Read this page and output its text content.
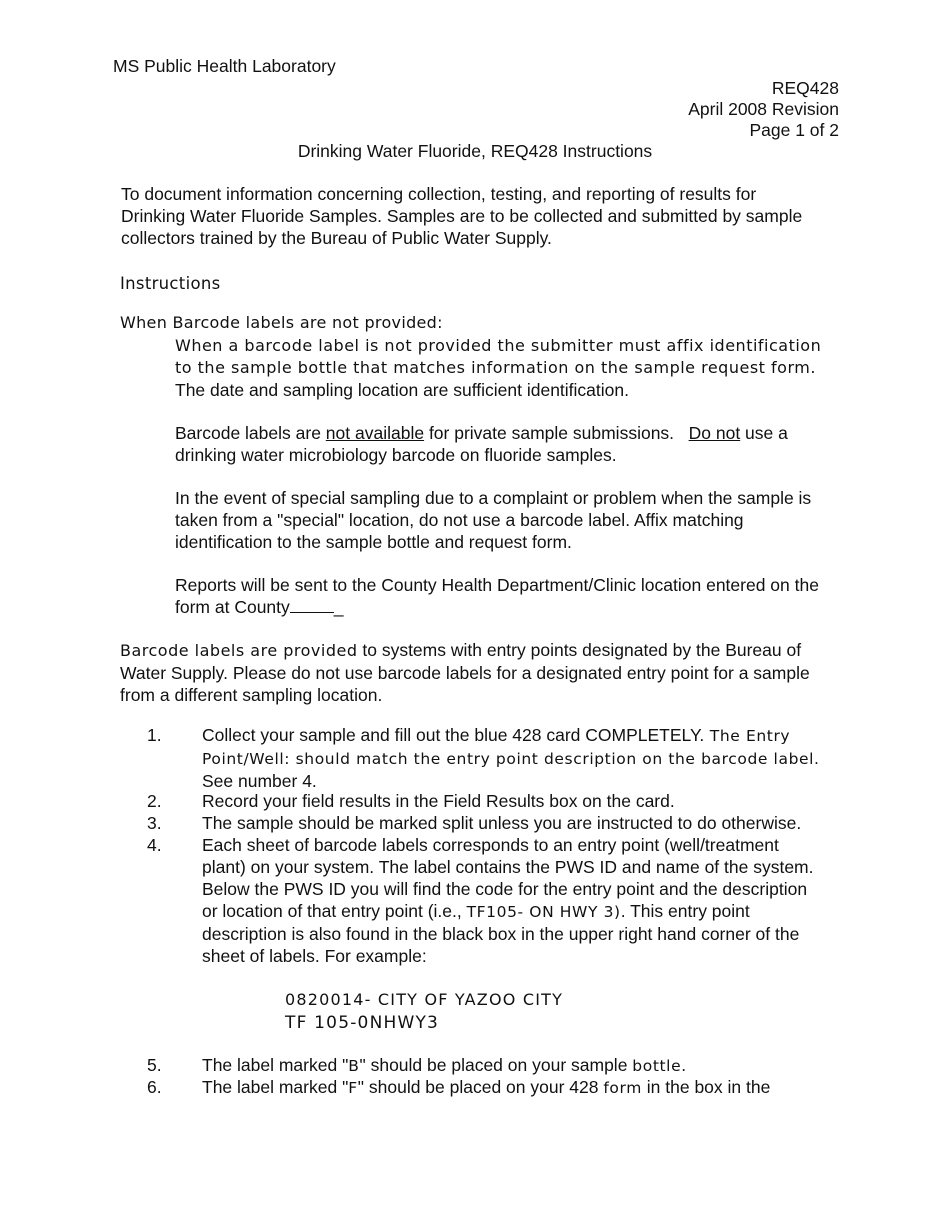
MS Public Health Laboratory
REQ428
April 2008 Revision
Page 1 of 2
Drinking Water Fluoride, REQ428 Instructions
To document information concerning collection, testing, and reporting of results for Drinking Water Fluoride Samples. Samples are to be collected and submitted by sample collectors trained by the Bureau of Public Water Supply.
Instructions
When Barcode labels are not provided:
When a barcode label is not provided the submitter must affix identification
to the sample bottle that matches information on the sample request form.
The date and sampling location are sufficient identification.
Barcode labels are not available for private sample submissions.   Do not use a
drinking water microbiology barcode on fluoride samples.
In the event of special sampling due to a complaint or problem when the sample is taken from a "special" location, do not use a barcode label. Affix matching identification to the sample bottle and request form.
Reports will be sent to the County Health Department/Clinic location entered on the
form at County	_
Barcode labels are provided to systems with entry points designated by the Bureau of Water Supply. Please do not use barcode labels for a designated entry point for a sample from a different sampling location.
1.	Collect your sample and fill out the blue 428 card COMPLETELY. The Entry
Point/Well: should match the entry point description on the barcode label.
See number 4.
2.	Record your field results in the Field Results box on the card.
3.	The sample should be marked split unless you are instructed to do otherwise.
4.	Each sheet of barcode labels corresponds to an entry point (well/treatment plant) on your system. The label contains the PWS ID and name of the system. Below the PWS ID you will find the code for the entry point and the description or location of that entry point (i.e., TF105- ON HWY 3). This entry point description is also found in the black box in the upper right hand corner of the sheet of labels. For example:
0820014- CITY OF YAZOO CITY
TF 105-0NHWY3
5.	The label marked "B" should be placed on your sample bottle.
6.	The label marked "F" should be placed on your 428 form in the box in the
